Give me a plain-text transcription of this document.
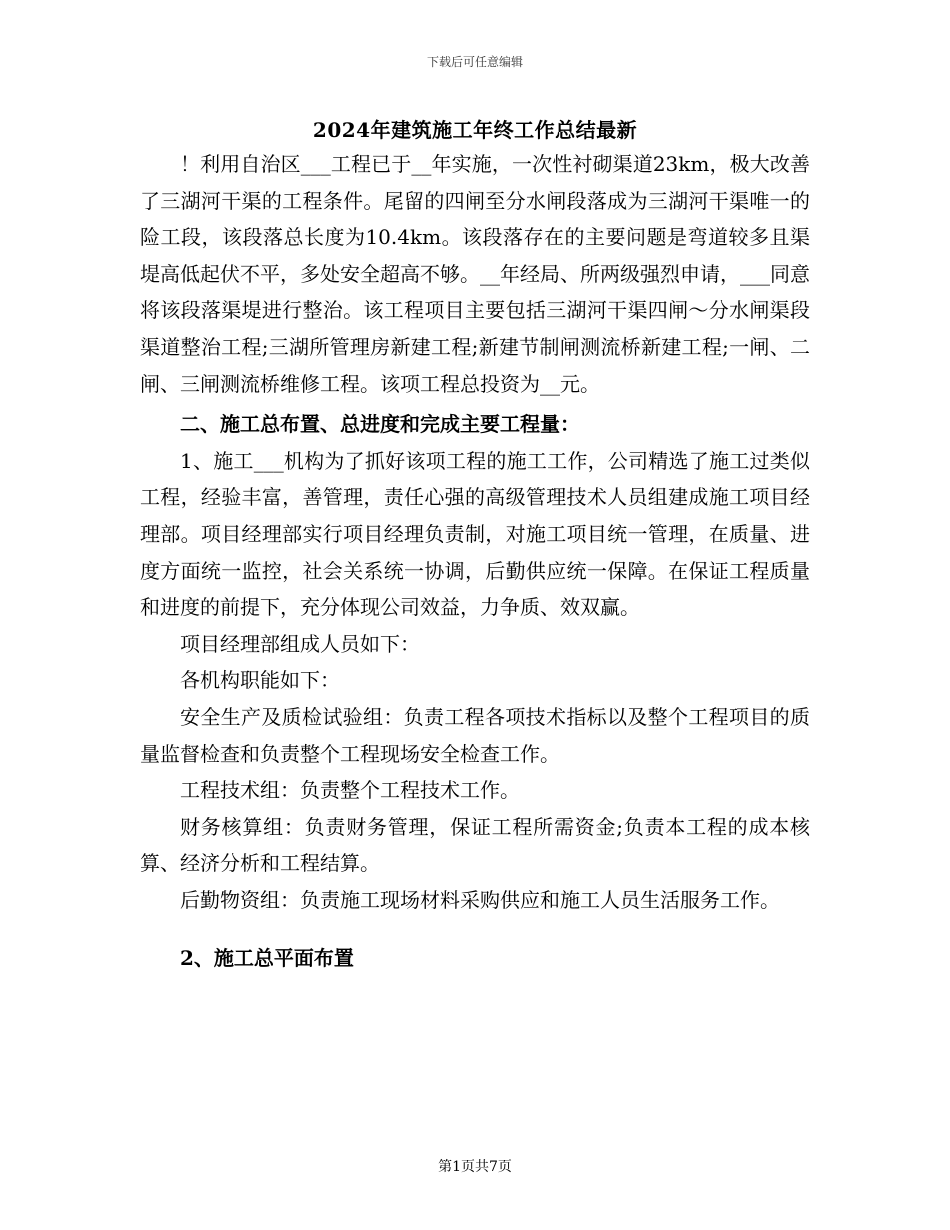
下载后可任意编辑
2024年建筑施工年终工作总结最新

！利用自治区___工程已于__年实施，一次性衬砌渠道23km，极大改善了三湖河干渠的工程条件。尾留的四闸至分水闸段落成为三湖河干渠唯一的险工段，该段落总长度为10.4km。该段落存在的主要问题是弯道较多且渠堤高低起伏不平，多处安全超高不够。__年经局、所两级强烈申请，___同意将该段落渠堤进行整治。该工程项目主要包括三湖河干渠四闸～分水闸渠段渠道整治工程;三湖所管理房新建工程;新建节制闸测流桥新建工程;一闸、二闸、三闸测流桥维修工程。该项工程总投资为__元。

二、施工总布置、总进度和完成主要工程量：

1、施工___机构为了抓好该项工程的施工工作，公司精选了施工过类似工程，经验丰富，善管理，责任心强的高级管理技术人员组建成施工项目经理部。项目经理部实行项目经理负责制，对施工项目统一管理，在质量、进度方面统一监控，社会关系统一协调，后勤供应统一保障。在保证工程质量和进度的前提下，充分体现公司效益，力争质、效双赢。

项目经理部组成人员如下：

各机构职能如下：

安全生产及质检试验组：负责工程各项技术指标以及整个工程项目的质量监督检查和负责整个工程现场安全检查工作。

工程技术组：负责整个工程技术工作。

财务核算组：负责财务管理，保证工程所需资金;负责本工程的成本核算、经济分析和工程结算。

后勤物资组：负责施工现场材料采购供应和施工人员生活服务工作。

2、施工总平面布置

第1页共7页
